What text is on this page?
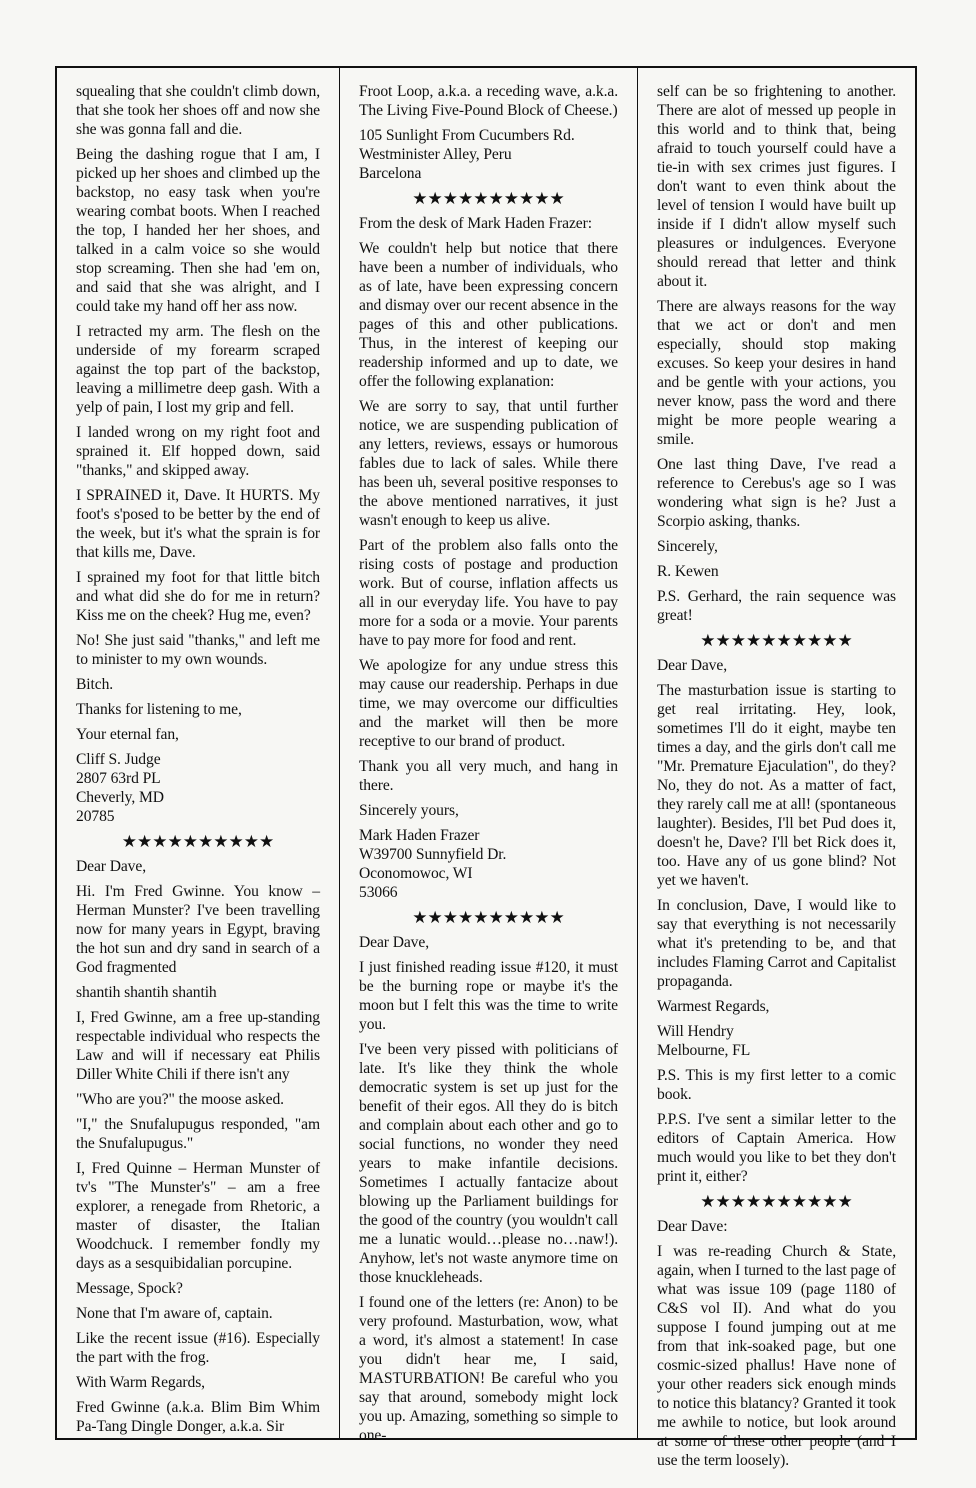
squealing that she couldn't climb down, that she took her shoes off and now she she was gonna fall and die.

Being the dashing rogue that I am, I picked up her shoes and climbed up the backstop, no easy task when you're wearing combat boots. When I reached the top, I handed her her shoes, and talked in a calm voice so she would stop screaming. Then she had 'em on, and said that she was alright, and I could take my hand off her ass now.

I retracted my arm. The flesh on the underside of my forearm scraped against the top part of the backstop, leaving a millimetre deep gash. With a yelp of pain, I lost my grip and fell.

I landed wrong on my right foot and sprained it. Elf hopped down, said "thanks," and skipped away.

I SPRAINED it, Dave. It HURTS. My foot's s'posed to be better by the end of the week, but it's what the sprain is for that kills me, Dave.

I sprained my foot for that little bitch and what did she do for me in return? Kiss me on the cheek? Hug me, even?

No! She just said "thanks," and left me to minister to my own wounds.

Bitch.

Thanks for listening to me,

Your eternal fan,

Cliff S. Judge
2807 63rd PL
Cheverly, MD
20785

★★★★★★★★★★

Dear Dave,

Hi. I'm Fred Gwinne. You know – Herman Munster? I've been travelling now for many years in Egypt, braving the hot sun and dry sand in search of a God fragmented

shantih shantih shantih

I, Fred Gwinne, am a free up-standing respectable individual who respects the Law and will if necessary eat Philis Diller White Chili if there isn't any

"Who are you?" the moose asked.

"I," the Snufalupugus responded, "am the Snufalupugus."

I, Fred Quinne – Herman Munster of tv's "The Munster's" – am a free explorer, a renegade from Rhetoric, a master of disaster, the Italian Woodchuck. I remember fondly my days as a sesquibidalian porcupine.

Message, Spock?

None that I'm aware of, captain.

Like the recent issue (#16). Especially the part with the frog.

With Warm Regards,

Fred Gwinne (a.k.a. Blim Bim Whim Pa-Tang Dingle Donger, a.k.a. Sir

Froot Loop, a.k.a. a receding wave, a.k.a. The Living Five-Pound Block of Cheese.)

105 Sunlight From Cucumbers Rd.
Westminister Alley, Peru
Barcelona

★★★★★★★★★★

From the desk of Mark Haden Frazer:

We couldn't help but notice that there have been a number of individuals, who as of late, have been expressing concern and dismay over our recent absence in the pages of this and other publications. Thus, in the interest of keeping our readership informed and up to date, we offer the following explanation:

We are sorry to say, that until further notice, we are suspending publication of any letters, reviews, essays or humorous fables due to lack of sales. While there has been uh, several positive responses to the above mentioned narratives, it just wasn't enough to keep us alive.

Part of the problem also falls onto the rising costs of postage and production work. But of course, inflation affects us all in our everyday life. You have to pay more for a soda or a movie. Your parents have to pay more for food and rent.

We apologize for any undue stress this may cause our readership. Perhaps in due time, we may overcome our difficulties and the market will then be more receptive to our brand of product.

Thank you all very much, and hang in there.

Sincerely yours,

Mark Haden Frazer
W39700 Sunnyfield Dr.
Oconomowoc, WI
53066

★★★★★★★★★★

Dear Dave,

I just finished reading issue #120, it must be the burning rope or maybe it's the moon but I felt this was the time to write you.

I've been very pissed with politicians of late. It's like they think the whole democratic system is set up just for the benefit of their egos. All they do is bitch and complain about each other and go to social functions, no wonder they need years to make infantile decisions. Sometimes I actually fantacize about blowing up the Parliament buildings for the good of the country (you wouldn't call me a lunatic would…please no…naw!). Anyhow, let's not waste anymore time on those knuckleheads.

I found one of the letters (re: Anon) to be very profound. Masturbation, wow, what a word, it's almost a statement! In case you didn't hear me, I said, MASTURBATION! Be careful who you say that around, somebody might lock you up. Amazing, something so simple to one-

self can be so frightening to another. There are alot of messed up people in this world and to think that, being afraid to touch yourself could have a tie-in with sex crimes just figures. I don't want to even think about the level of tension I would have built up inside if I didn't allow myself such pleasures or indulgences. Everyone should reread that letter and think about it.

There are always reasons for the way that we act or don't and men especially, should stop making excuses. So keep your desires in hand and be gentle with your actions, you never know, pass the word and there might be more people wearing a smile.

One last thing Dave, I've read a reference to Cerebus's age so I was wondering what sign is he? Just a Scorpio asking, thanks.

Sincerely,

R. Kewen

P.S. Gerhard, the rain sequence was great!

★★★★★★★★★★

Dear Dave,

The masturbation issue is starting to get real irritating. Hey, look, sometimes I'll do it eight, maybe ten times a day, and the girls don't call me "Mr. Premature Ejaculation", do they? No, they do not. As a matter of fact, they rarely call me at all! (spontaneous laughter). Besides, I'll bet Pud does it, doesn't he, Dave? I'll bet Rick does it, too. Have any of us gone blind? Not yet we haven't.

In conclusion, Dave, I would like to say that everything is not necessarily what it's pretending to be, and that includes Flaming Carrot and Capitalist propaganda.

Warmest Regards,

Will Hendry
Melbourne, FL

P.S. This is my first letter to a comic book.

P.P.S. I've sent a similar letter to the editors of Captain America. How much would you like to bet they don't print it, either?

★★★★★★★★★★

Dear Dave:

I was re-reading Church & State, again, when I turned to the last page of what was issue 109 (page 1180 of C&S vol II). And what do you suppose I found jumping out at me from that ink-soaked page, but one cosmic-sized phallus! Have none of your other readers sick enough minds to notice this blatancy? Granted it took me awhile to notice, but look around at some of these other people (and I use the term loosely).
